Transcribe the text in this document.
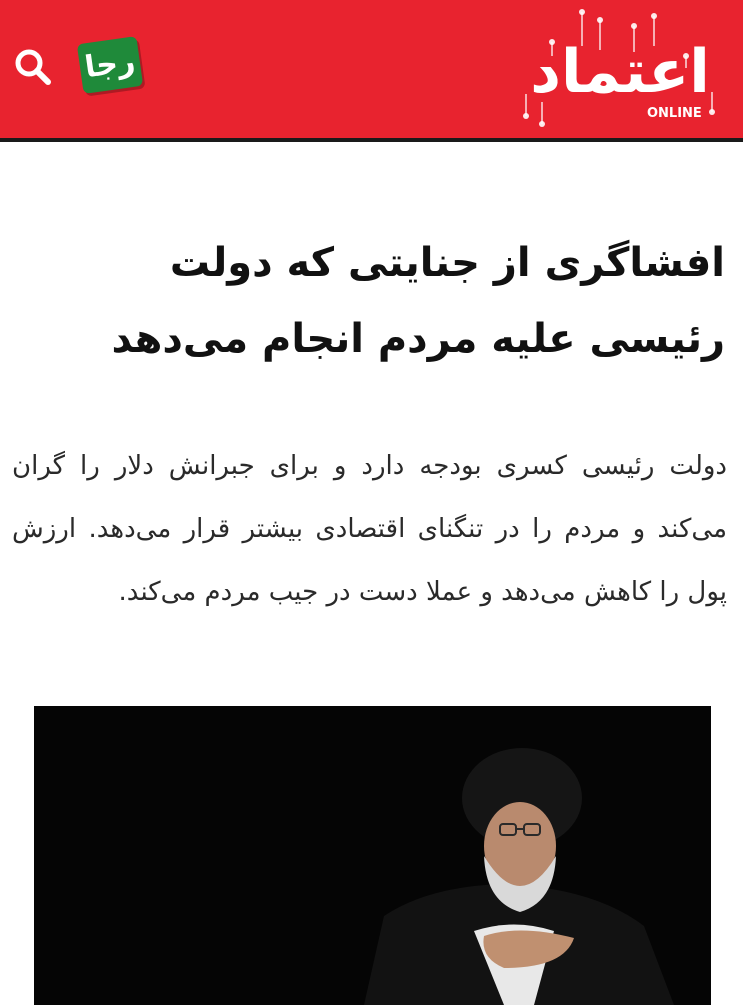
رجا	اعتماد
ONLINE
افشاگری از جنایتی که دولت رئیسی علیه مردم انجام می‌دهد

دولت رئیسی کسری بودجه دارد و برای جبرانش دلار را گران می‌کند و مردم را در تنگنای اقتصادی بیشتر قرار می‌دهد. ارزش پول را کاهش می‌دهد و عملا دست در جیب مردم می‌کند.
